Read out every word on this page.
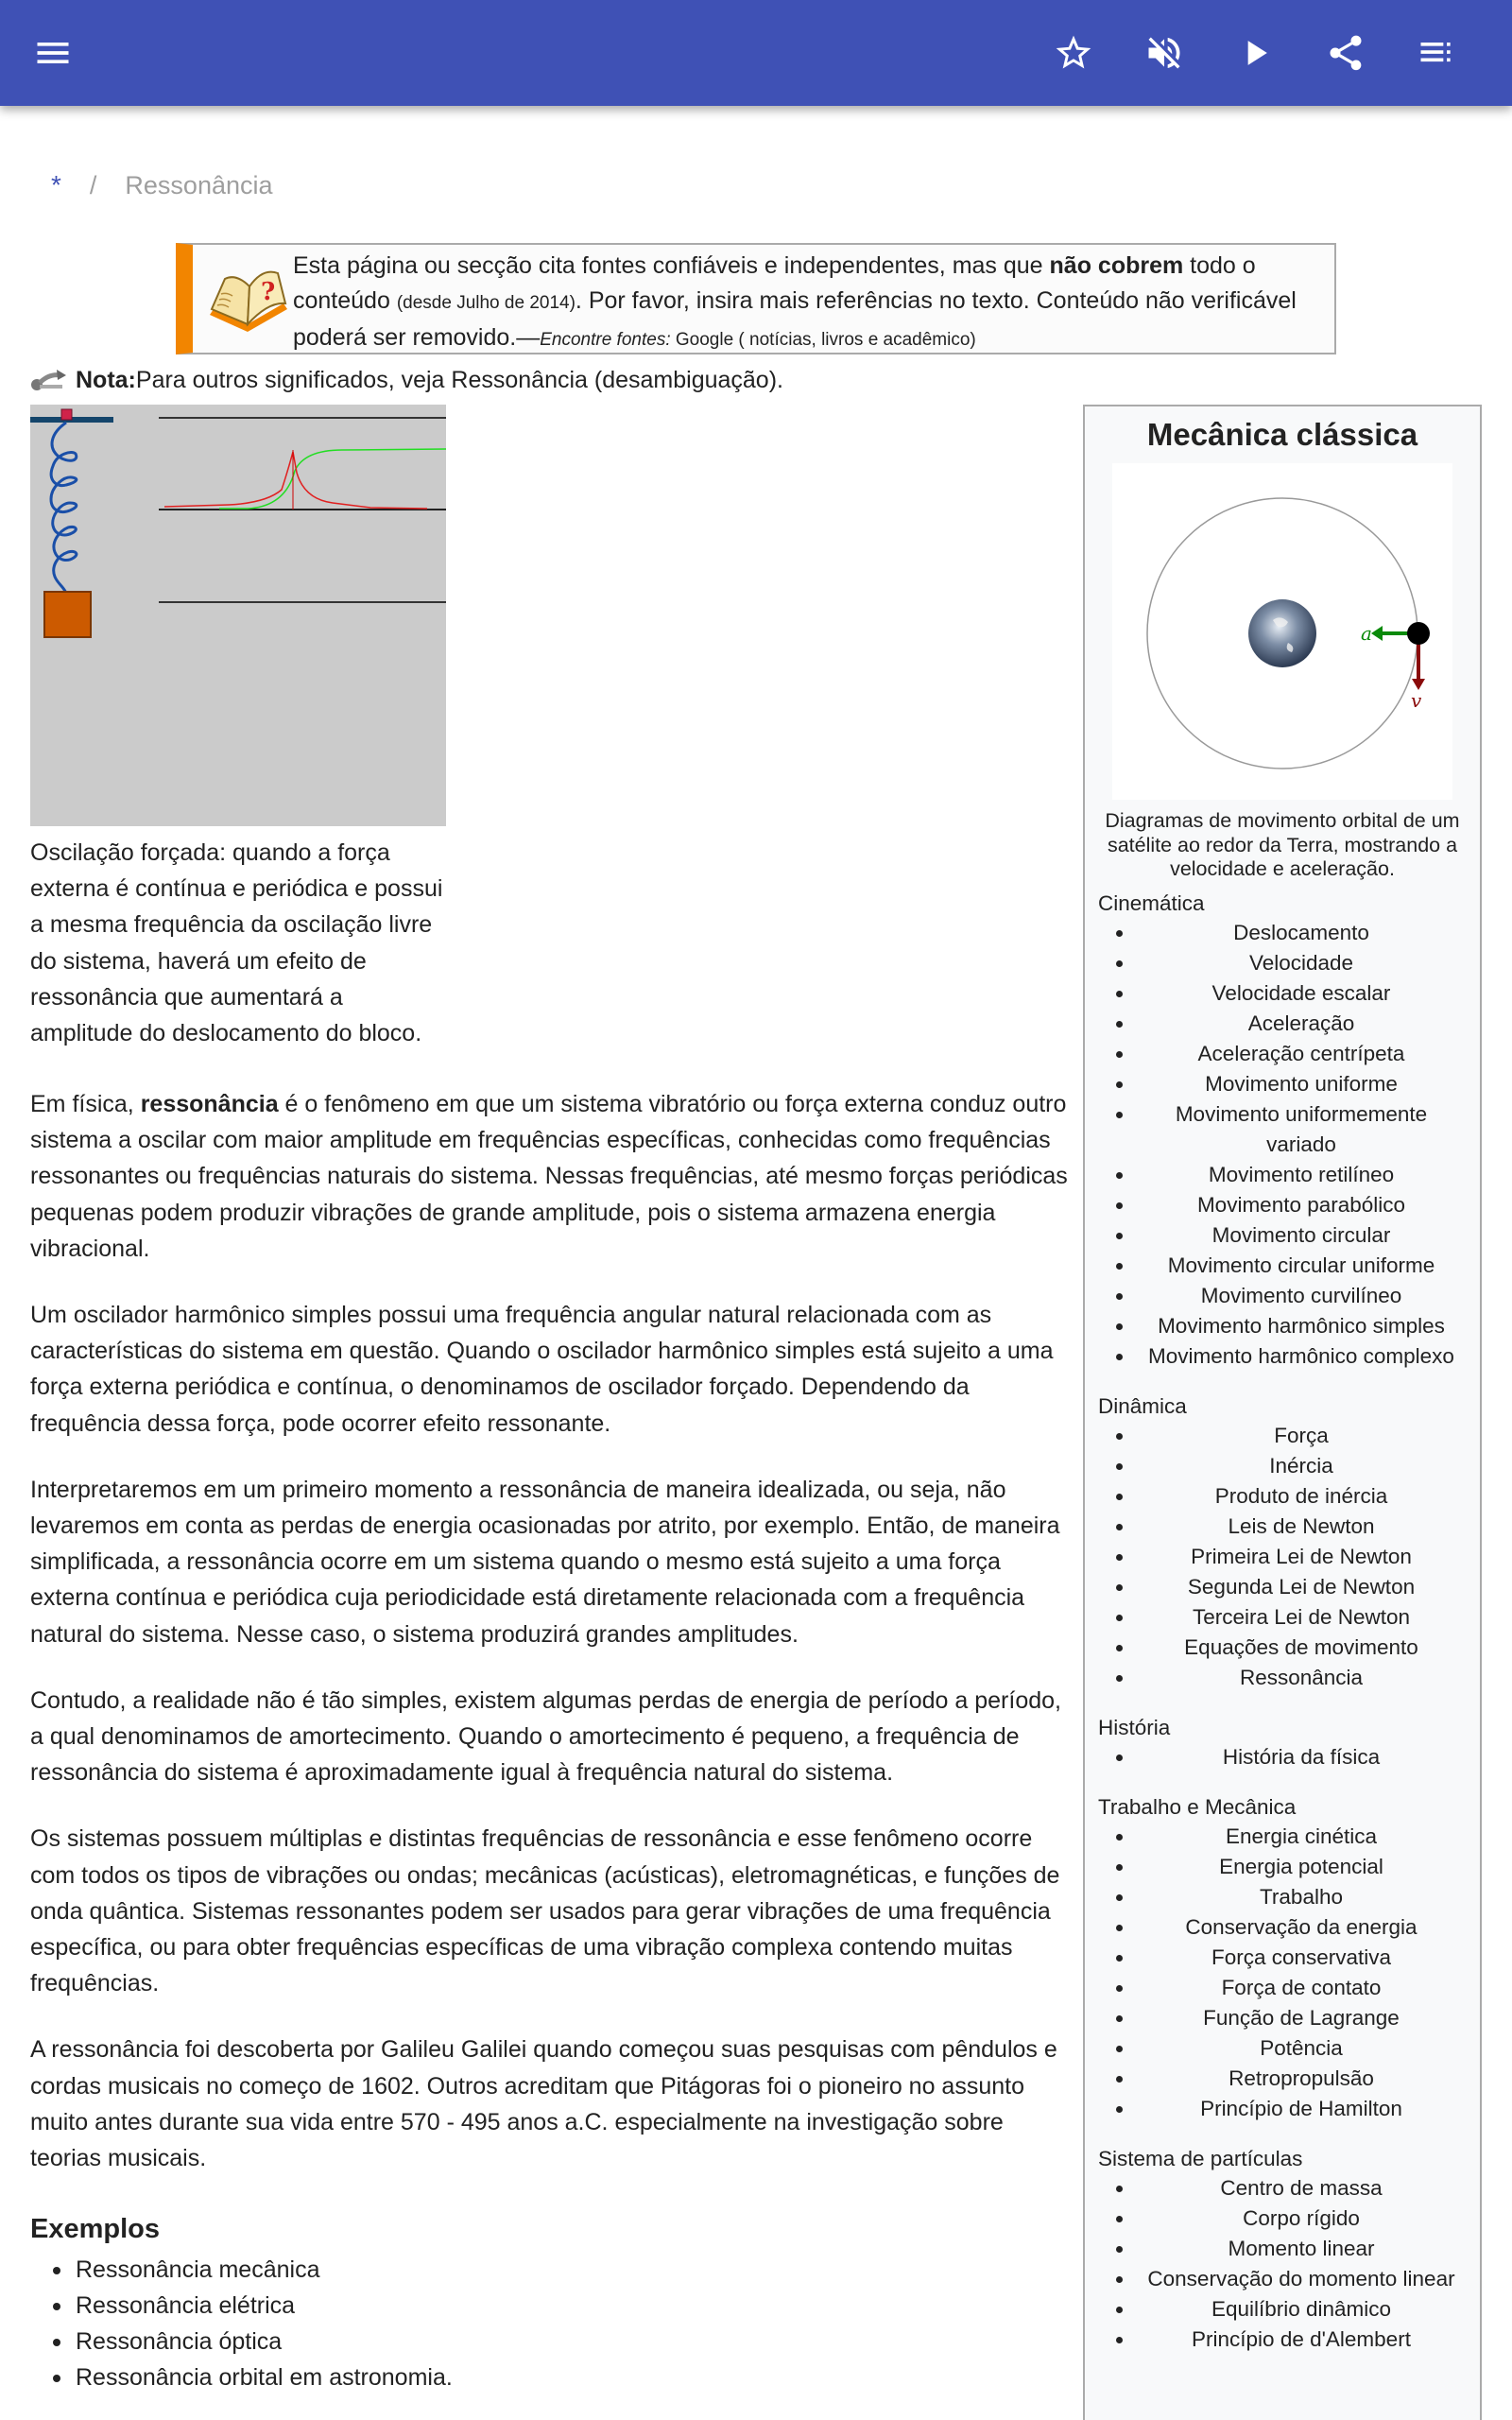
* / Ressonância
?
Esta página ou secção cita fontes confiáveis e independentes, mas que não cobrem todo o conteúdo (desde Julho de 2014). Por favor, insira mais referências no texto. Conteúdo não verificável poderá ser removido.—Encontre fontes: Google ( notícias, livros e acadêmico)
Nota: Para outros significados, veja Ressonância (desambiguação).
Oscilação forçada: quando a força externa é contínua e periódica e possui a mesma frequência da oscilação livre do sistema, haverá um efeito de ressonância que aumentará a amplitude do deslocamento do bloco.

Em física, ressonância é o fenômeno em que um sistema vibratório ou força externa conduz outro sistema a oscilar com maior amplitude em frequências específicas, conhecidas como frequências ressonantes ou frequências naturais do sistema. Nessas frequências, até mesmo forças periódicas pequenas podem produzir vibrações de grande amplitude, pois o sistema armazena energia vibracional.

Um oscilador harmônico simples possui uma frequência angular natural relacionada com as características do sistema em questão. Quando o oscilador harmônico simples está sujeito a uma força externa periódica e contínua, o denominamos de oscilador forçado. Dependendo da frequência dessa força, pode ocorrer efeito ressonante.

Interpretaremos em um primeiro momento a ressonância de maneira idealizada, ou seja, não levaremos em conta as perdas de energia ocasionadas por atrito, por exemplo. Então, de maneira simplificada, a ressonância ocorre em um sistema quando o mesmo está sujeito a uma força externa contínua e periódica cuja periodicidade está diretamente relacionada com a frequência natural do sistema. Nesse caso, o sistema produzirá grandes amplitudes.

Contudo, a realidade não é tão simples, existem algumas perdas de energia de período a período, a qual denominamos de amortecimento. Quando o amortecimento é pequeno, a frequência de ressonância do sistema é aproximadamente igual à frequência natural do sistema.

Os sistemas possuem múltiplas e distintas frequências de ressonância e esse fenômeno ocorre com todos os tipos de vibrações ou ondas; mecânicas (acústicas), eletromagnéticas, e funções de onda quântica. Sistemas ressonantes podem ser usados para gerar vibrações de uma frequência específica, ou para obter frequências específicas de uma vibração complexa contendo muitas frequências.

A ressonância foi descoberta por Galileu Galilei quando começou suas pesquisas com pêndulos e cordas musicais no começo de 1602. Outros acreditam que Pitágoras foi o pioneiro no assunto muito antes durante sua vida entre 570 - 495 anos a.C. especialmente na investigação sobre teorias musicais.

Exemplos
Ressonância mecânica
Ressonância elétrica
Ressonância óptica
Ressonância orbital em astronomia.
Mecânica clássica
a
v
Diagramas de movimento orbital de um satélite ao redor da Terra, mostrando a velocidade e aceleração.
Cinemática
Deslocamento
Velocidade
Velocidade escalar
Aceleração
Aceleração centrípeta
Movimento uniforme
Movimento uniformemente variado
Movimento retilíneo
Movimento parabólico
Movimento circular
Movimento circular uniforme
Movimento curvilíneo
Movimento harmônico simples
Movimento harmônico complexo
Dinâmica
Força
Inércia
Produto de inércia
Leis de Newton
Primeira Lei de Newton
Segunda Lei de Newton
Terceira Lei de Newton
Equações de movimento
Ressonância
História
História da física
Trabalho e Mecânica
Energia cinética
Energia potencial
Trabalho
Conservação da energia
Força conservativa
Força de contato
Função de Lagrange
Potência
Retropropulsão
Princípio de Hamilton
Sistema de partículas
Centro de massa
Corpo rígido
Momento linear
Conservação do momento linear
Equilíbrio dinâmico
Princípio de d'Alembert
